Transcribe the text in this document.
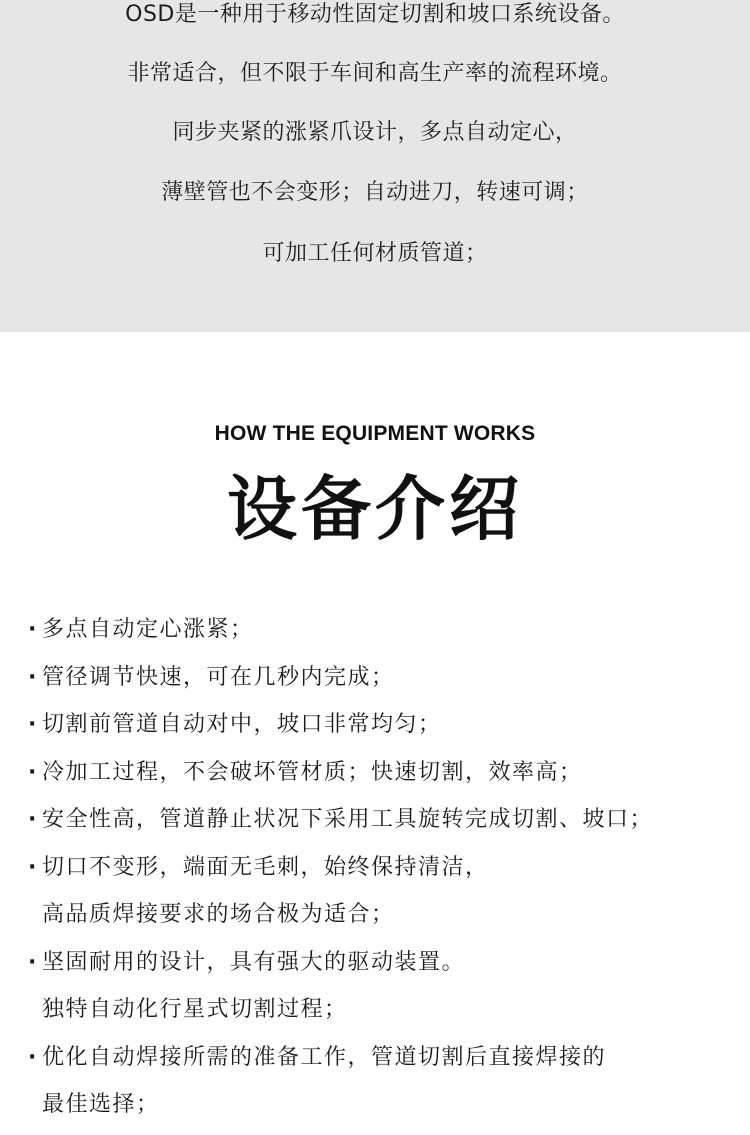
OSD是一种用于移动性固定切割和坡口系统设备。
非常适合，但不限于车间和高生产率的流程环境。
同步夹紧的涨紧爪设计，多点自动定心，
薄壁管也不会变形；自动进刀，转速可调；
可加工任何材质管道；
HOW THE EQUIPMENT WORKS
设备介绍
· 多点自动定心涨紧；
· 管径调节快速，可在几秒内完成；
· 切割前管道自动对中，坡口非常均匀；
· 冷加工过程，不会破坏管材质；快速切割，效率高；
· 安全性高，管道静止状况下采用工具旋转完成切割、坡口；
· 切口不变形，端面无毛刺，始终保持清洁，
高品质焊接要求的场合极为适合；
· 坚固耐用的设计，具有强大的驱动装置。
独特自动化行星式切割过程；
· 优化自动焊接所需的准备工作，管道切割后直接焊接的
最佳选择；
